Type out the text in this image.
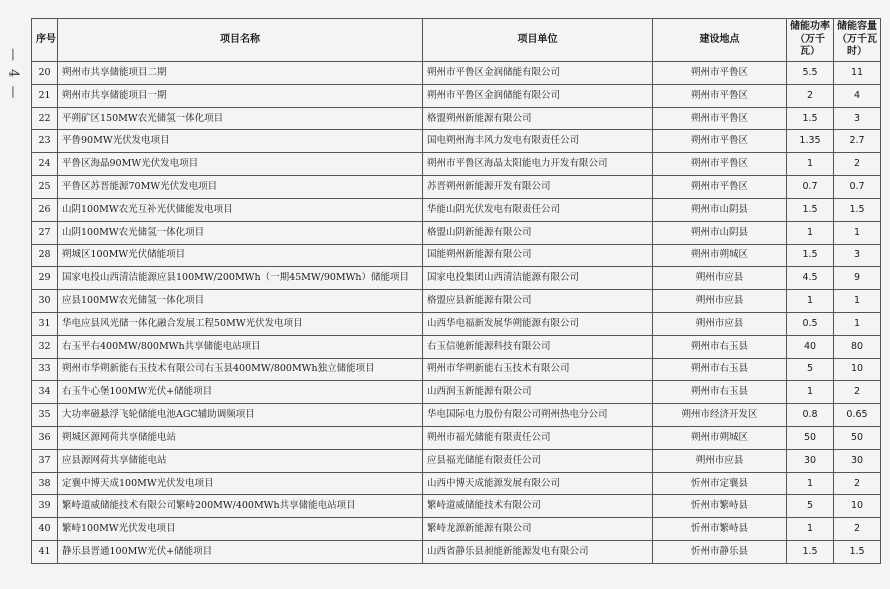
— 4 —
序号	项目名称	项目单位	建设地点	储能功率（万千瓦）	储能容量（万千瓦时）
20	朔州市共享储能项目二期	朔州市平鲁区金润储能有限公司	朔州市平鲁区	5.5	11
21	朔州市共享储能项目一期	朔州市平鲁区金润储能有限公司	朔州市平鲁区	2	4
22	平朔矿区150MW农光储氢一体化项目	格盟朔州新能源有限公司	朔州市平鲁区	1.5	3
23	平鲁90MW光伏发电项目	国电朔州海丰风力发电有限责任公司	朔州市平鲁区	1.35	2.7
24	平鲁区海晶90MW光伏发电项目	朔州市平鲁区海晶太阳能电力开发有限公司	朔州市平鲁区	1	2
25	平鲁区苏晋能源70MW光伏发电项目	苏晋朔州新能源开发有限公司	朔州市平鲁区	0.7	0.7
26	山阴100MW农光互补光伏储能发电项目	华能山阴光伏发电有限责任公司	朔州市山阴县	1.5	1.5
27	山阴100MW农光储氢一体化项目	格盟山阴新能源有限公司	朔州市山阴县	1	1
28	朔城区100MW光伏储能项目	国能朔州新能源有限公司	朔州市朔城区	1.5	3
29	国家电投山西清洁能源应县100MW/200MWh（一期45MW/90MWh）储能项目	国家电投集团山西清洁能源有限公司	朔州市应县	4.5	9
30	应县100MW农光储氢一体化项目	格盟应县新能源有限公司	朔州市应县	1	1
31	华电应县风光储一体化融合发展工程50MW光伏发电项目	山西华电福新发展华朔能源有限公司	朔州市应县	0.5	1
32	右玉平右400MW/800MWh共享储能电站项目	右玉信驰新能源科技有限公司	朔州市右玉县	40	80
33	朔州市华朔新能右玉技术有限公司右玉县400MW/800MWh独立储能项目	朔州市华朔新能右玉技术有限公司	朔州市右玉县	5	10
34	右玉牛心堡100MW光伏+储能项目	山西润玉新能源有限公司	朔州市右玉县	1	2
35	大功率磁悬浮飞轮储能电池AGC辅助调频项目	华电国际电力股份有限公司朔州热电分公司	朔州市经济开发区	0.8	0.65
36	朔城区源网荷共享储能电站	朔州市福光储能有限责任公司	朔州市朔城区	50	50
37	应县源网荷共享储能电站	应县福光储能有限责任公司	朔州市应县	30	30
38	定襄中博天成100MW光伏发电项目	山西中博天成能源发展有限公司	忻州市定襄县	1	2
39	繁峙道威储能技术有限公司繁峙200MW/400MWh共享储能电站项目	繁峙道威储能技术有限公司	忻州市繁峙县	5	10
40	繁峙100MW光伏发电项目	繁峙龙源新能源有限公司	忻州市繁峙县	1	2
41	静乐县晋通100MW光伏+储能项目	山西省静乐县昶能新能源发电有限公司	忻州市静乐县	1.5	1.5
